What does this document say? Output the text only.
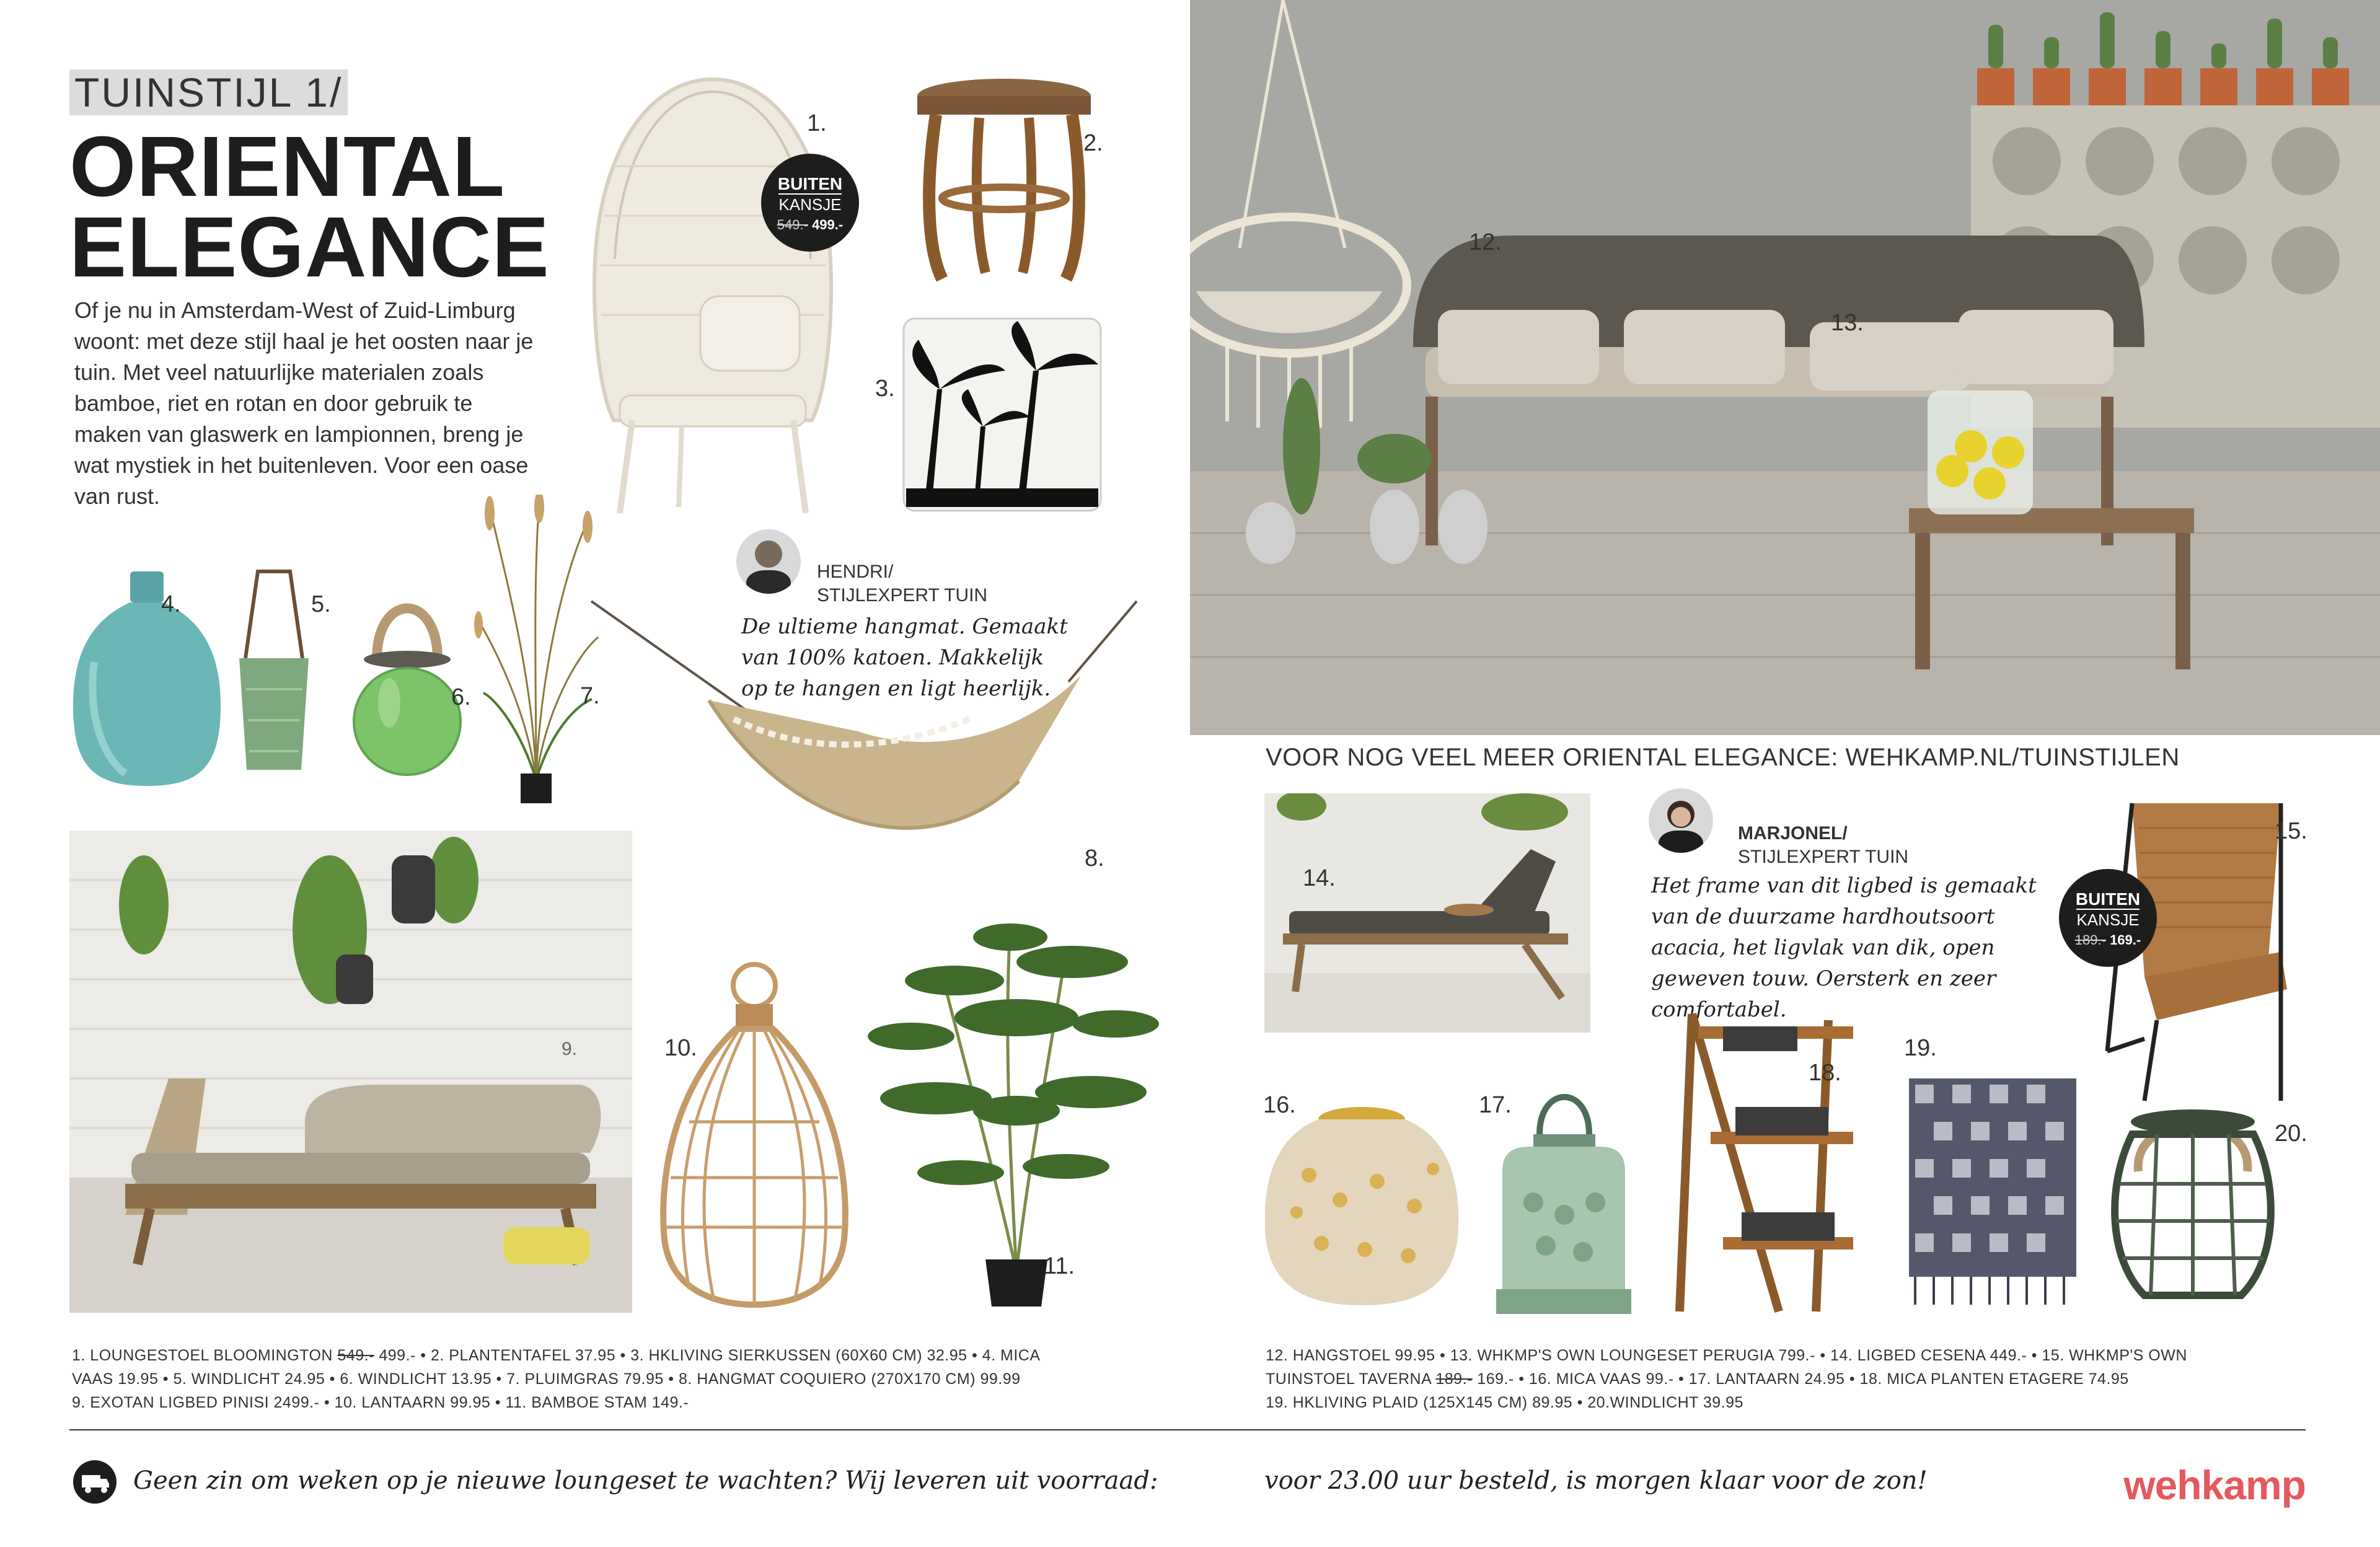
TUINSTIJL 1/
ORIENTAL
ELEGANCE
Of je nu in Amsterdam-West of Zuid-Limburg woont: met deze stijl haal je het oosten naar je tuin. Met veel natuurlijke materialen zoals bamboe, riet en rotan en door gebruik te maken van glaswerk en lampionnen, breng je wat mystiek in het buitenleven. Voor een oase van rust.
1.
BUITEN
KANSJE
549.- 499.-
2.
3.
4.	5.
6.	7.
HENDRI/
STIJLEXPERT TUIN
De ultieme hangmat. Gemaakt van 100% katoen. Makkelijk op te hangen en ligt heerlijk.
8.
9.	10.
11.
1. LOUNGESTOEL BLOOMINGTON 549.- 499.- • 2. PLANTENTAFEL 37.95 • 3. HKLIVING SIERKUSSEN (60X60 CM) 32.95 • 4. MICA
VAAS 19.95 • 5. WINDLICHT 24.95 • 6. WINDLICHT 13.95 • 7. PLUIMGRAS 79.95 • 8. HANGMAT COQUIERO (270X170 CM) 99.99
9. EXOTAN LIGBED PINISI 2499.- • 10. LANTAARN 99.95 • 11. BAMBOE STAM 149.-
12.
13.
VOOR NOG VEEL MEER ORIENTAL ELEGANCE: WEHKAMP.NL/TUINSTIJLEN
14.
MARJONEL/
STIJLEXPERT TUIN
Het frame van dit ligbed is gemaakt van de duurzame hardhoutsoort acacia, het ligvlak van dik, open geweven touw. Oersterk en zeer comfortabel.
15.
BUITEN
KANSJE
189.- 169.-
16.	17.
18.
19.
20.
12. HANGSTOEL 99.95 • 13. WHKMP'S OWN LOUNGESET PERUGIA 799.- • 14. LIGBED CESENA 449.- • 15. WHKMP'S OWN
TUINSTOEL TAVERNA 189.- 169.- • 16. MICA VAAS 99.- • 17. LANTAARN 24.95 • 18. MICA PLANTEN ETAGERE 74.95
19. HKLIVING PLAID (125X145 CM) 89.95 • 20.WINDLICHT 39.95
Geen zin om weken op je nieuwe loungeset te wachten? Wij leveren uit voorraad:	voor 23.00 uur besteld, is morgen klaar voor de zon!	wehkamp
